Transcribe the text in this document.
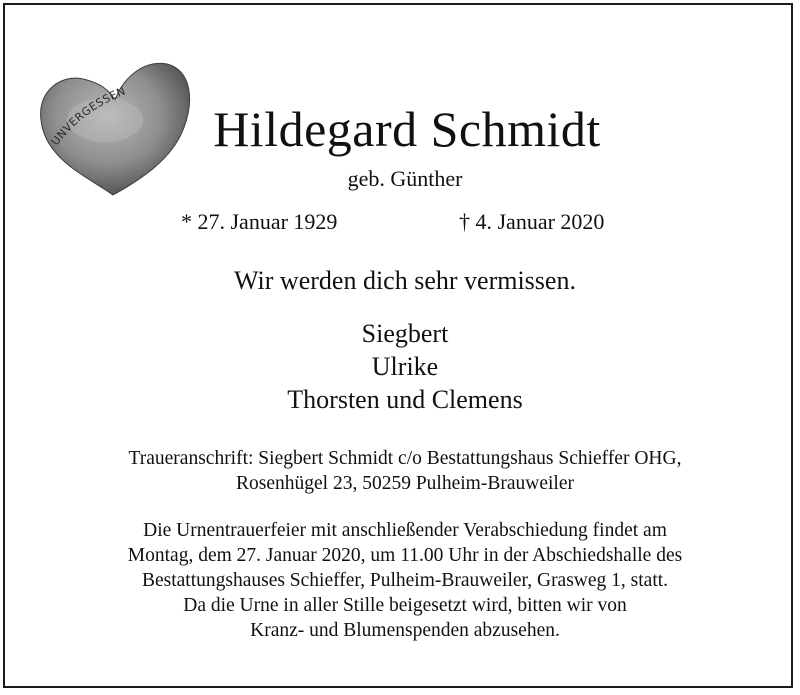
UNVERGESSEN
Hildegard Schmidt
geb. Günther
* 27. Januar 1929	† 4. Januar 2020
Wir werden dich sehr vermissen.
Siegbert
Ulrike
Thorsten und Clemens
Traueranschrift: Siegbert Schmidt c/o Bestattungshaus Schieffer OHG,
Rosenhügel 23, 50259 Pulheim-Brauweiler
Die Urnentrauerfeier mit anschließender Verabschiedung findet am
Montag, dem 27. Januar 2020, um 11.00 Uhr in der Abschiedshalle des
Bestattungshauses Schieffer, Pulheim-Brauweiler, Grasweg 1, statt.
Da die Urne in aller Stille beigesetzt wird, bitten wir von
Kranz- und Blumenspenden abzusehen.
